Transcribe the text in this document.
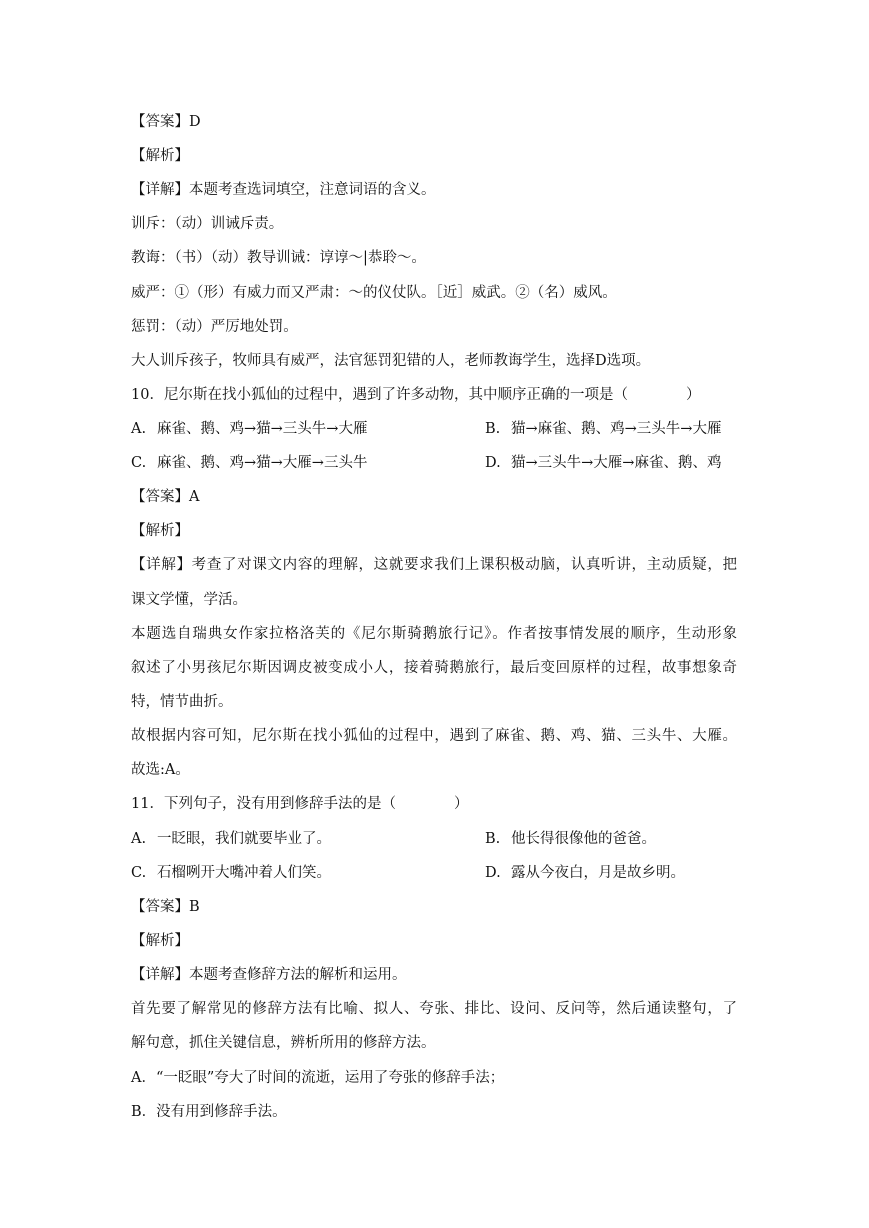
【答案】D
【解析】
【详解】本题考查选词填空，注意词语的含义。
训斥：（动）训诫斥责。
教诲：（书）（动）教导训诫：谆谆～|恭聆～。
威严：①（形）有威力而又严肃：～的仪仗队。［近］威武。②（名）威风。
惩罚：（动）严厉地处罚。
大人训斥孩子，牧师具有威严，法官惩罚犯错的人，老师教诲学生，选择D选项。
10．尼尔斯在找小狐仙的过程中，遇到了许多动物，其中顺序正确的一项是（　　　　）
A. 麻雀、鹅、鸡→猫→三头牛→大雁	B. 猫→麻雀、鹅、鸡→三头牛→大雁
C. 麻雀、鹅、鸡→猫→大雁→三头牛	D. 猫→三头牛→大雁→麻雀、鹅、鸡
【答案】A
【解析】
【详解】考查了对课文内容的理解，这就要求我们上课积极动脑，认真听讲，主动质疑，把
课文学懂，学活。
本题选自瑞典女作家拉格洛芙的《尼尔斯骑鹅旅行记》。作者按事情发展的顺序，生动形象
叙述了小男孩尼尔斯因调皮被变成小人，接着骑鹅旅行，最后变回原样的过程，故事想象奇
特，情节曲折。
故根据内容可知，尼尔斯在找小狐仙的过程中，遇到了麻雀、鹅、鸡、猫、三头牛、大雁。
故选:A。
11．下列句子，没有用到修辞手法的是（　　　　）
A. 一眨眼，我们就要毕业了。	B. 他长得很像他的爸爸。
C. 石榴咧开大嘴冲着人们笑。	D. 露从今夜白，月是故乡明。
【答案】B
【解析】
【详解】本题考查修辞方法的解析和运用。
首先要了解常见的修辞方法有比喻、拟人、夸张、排比、设问、反问等，然后通读整句，了
解句意，抓住关键信息，辨析所用的修辞方法。
A．“一眨眼”夸大了时间的流逝，运用了夸张的修辞手法；
B．没有用到修辞手法。
